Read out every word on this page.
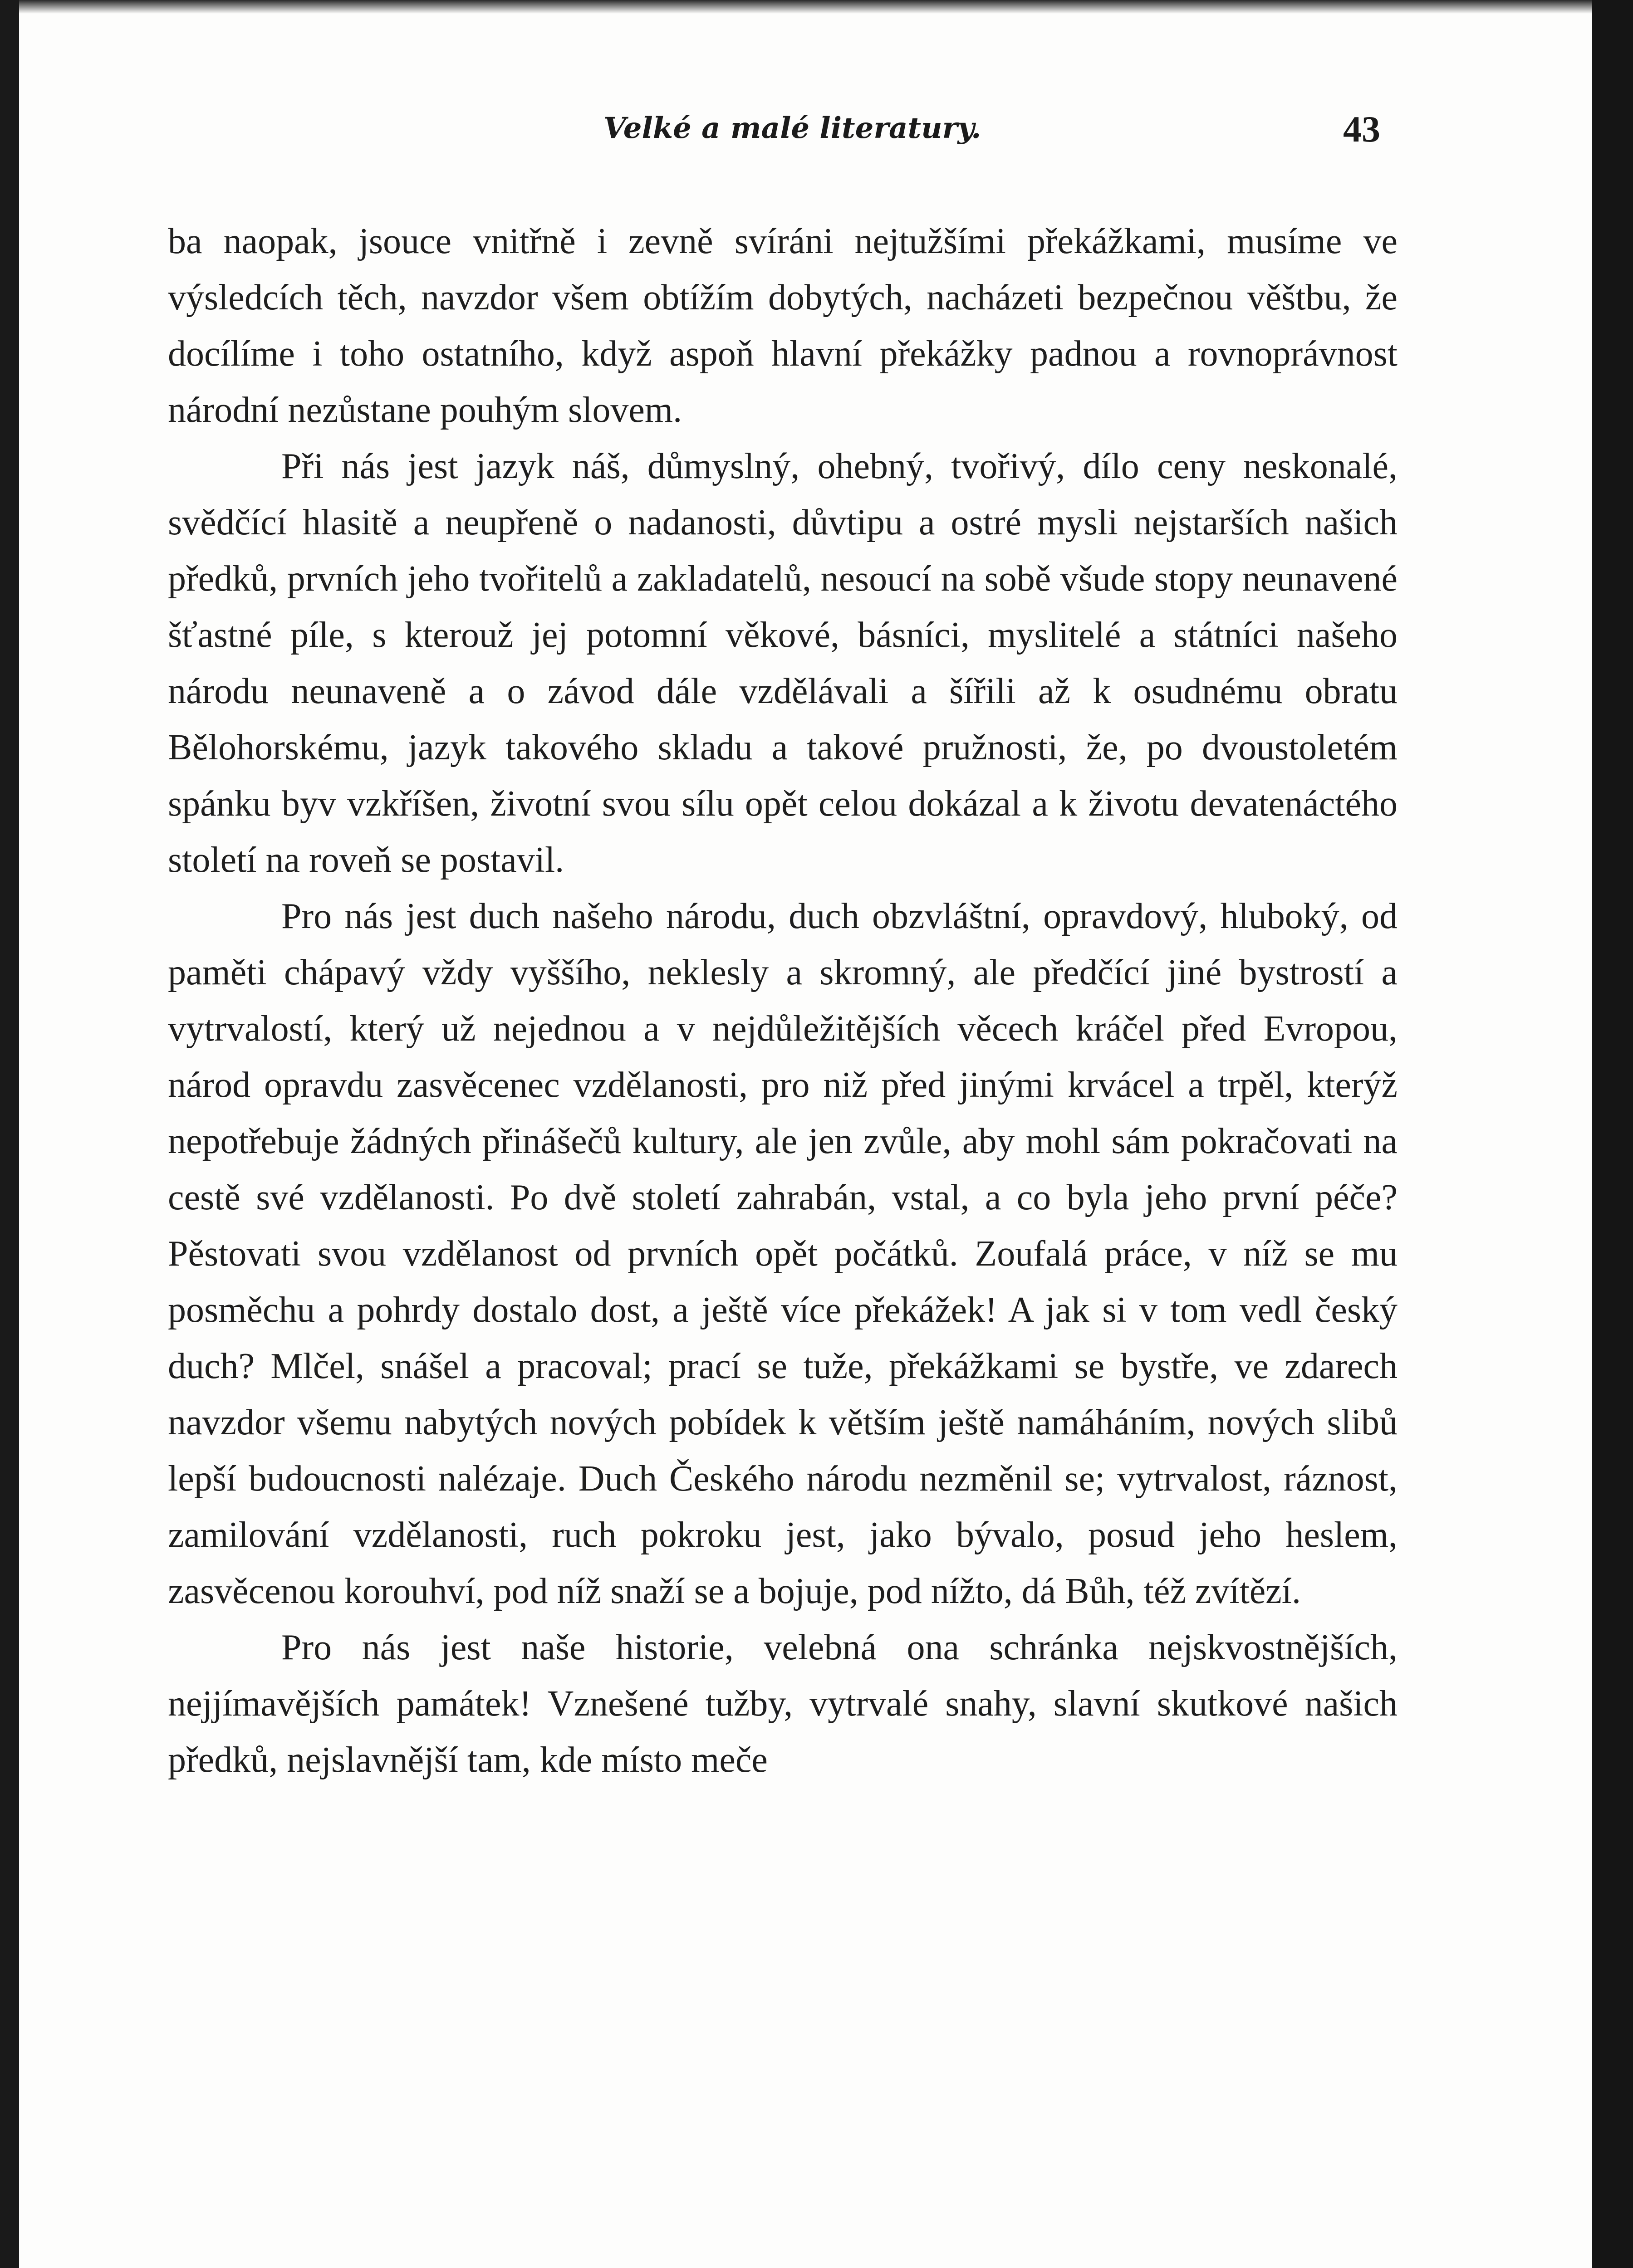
Velké a malé literatury.	43

ba naopak, jsouce vnitřně i zevně svíráni nejtužšími překážkami, musíme ve výsledcích těch, navzdor všem obtížím dobytých, nacházeti bezpečnou věštbu, že docílíme i toho ostatního, když aspoň hlavní překážky padnou a rovnoprávnost národní nezůstane pouhým slovem.

Při nás jest jazyk náš, důmyslný, ohebný, tvořivý, dílo ceny neskonalé, svědčící hlasitě a neupřeně o nadanosti, důvtipu a ostré mysli nejstarších našich předků, prvních jeho tvořitelů a zakladatelů, nesoucí na sobě všude stopy neunavené šťastné píle, s kterouž jej potomní věkové, básníci, myslitelé a státníci našeho národu neunaveně a o závod dále vzdělávali a šířili až k osudnému obratu Bělohorskému, jazyk takového skladu a takové pružnosti, že, po dvoustoletém spánku byv vzkříšen, životní svou sílu opět celou dokázal a k životu devatenáctého století na roveň se postavil.

Pro nás jest duch našeho národu, duch obzvláštní, opravdový, hluboký, od paměti chápavý vždy vyššího, neklesly a skromný, ale předčící jiné bystrostí a vytrvalostí, který už nejednou a v nejdůležitějších věcech kráčel před Evropou, národ opravdu zasvěcenec vzdělanosti, pro niž před jinými krvácel a trpěl, kterýž nepotřebuje žádných přinášečů kultury, ale jen zvůle, aby mohl sám pokračovati na cestě své vzdělanosti. Po dvě století zahrabán, vstal, a co byla jeho první péče? Pěstovati svou vzdělanost od prvních opět počátků. Zoufalá práce, v níž se mu posměchu a pohrdy dostalo dost, a ještě více překážek! A jak si v tom vedl český duch? Mlčel, snášel a pracoval; prací se tuže, překážkami se bystře, ve zdarech navzdor všemu nabytých nových pobídek k větším ještě namáháním, nových slibů lepší budoucnosti nalézaje. Duch Českého národu nezměnil se; vytrvalost, ráznost, zamilování vzdělanosti, ruch pokroku jest, jako bývalo, posud jeho heslem, zasvěcenou korouhví, pod níž snaží se a bojuje, pod nížto, dá Bůh, též zvítězí.

Pro nás jest naše historie, velebná ona schránka nejskvostnějších, nejjímavějších památek! Vznešené tužby, vytrvalé snahy, slavní skutkové našich předků, nejslavnější tam, kde místo meče
